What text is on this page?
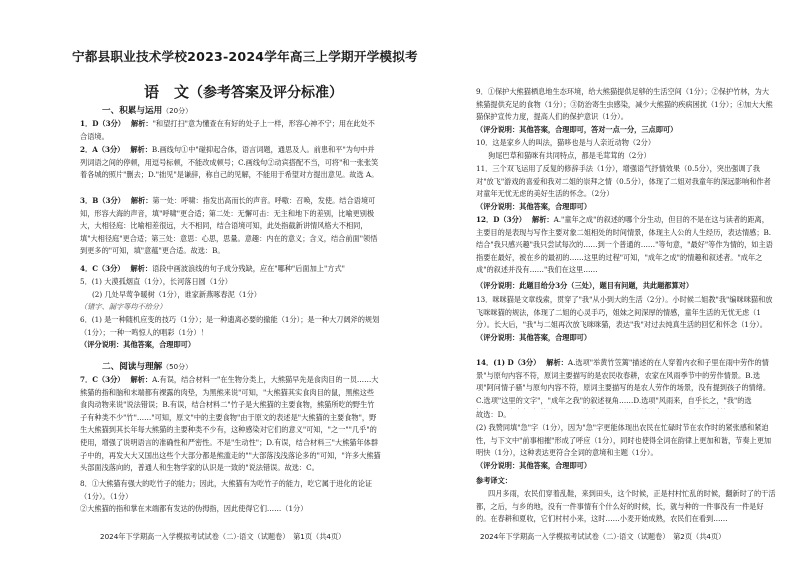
宁都县职业技术学校2023-2024学年高三上学期开学模拟考
语　文（参考答案及评分标准）
一、积累与运用（20分）
1．D（3分） 解析："和望打扫"意为懂查在有好的处子上一样，形容心神不宁；用在此处不合语境。
2．A（3分） 解析：B.画线句①中"碰抑起合体，语言词题，通思及人。前患和平"为句中并列词语之间的停顿，用逗号标顿，不能改成顿号；C.画线句②动宾搭配不当，可将"和一张张笑着各城的照片"删去；D."拙见"是谦辞，称自己的见解，不能用于希望对方提出意见。故选 A。
3．B（3分） 解析：第一处：呼啸：指发出高而长的声音。呼嗷：召唤，发使。结合语境可知，形容大海的声音，填"呼啸"更合适；第二处：无懈可击：无主和地下的差别，比喻更别极大，大相径庭：比喻相差很远，大不相同，结合语境可知，此处指截新讲情风格大不相同，填"大相径庭"更合适；第三处：意思：心思，思量。意趣：内在的意义；含义，结合前面"领悟到更多的"可知，填"意蕴"更合适。故选：B。
4．C（3分） 解析：语段中画波浪线的句子成分残缺，应在"哪种"后面加上"方式"
5．(1) 大漠孤烟直（1分），长河落日圆（1分）
(2) 几处早莺争暖树（1分），谁家新燕啄春泥（1分）
（错字、漏字等均不给分）
6．(1) 是一种随机应变的技巧（1分）；是一种遗离必要的撤能（1分）；是一种大刀阔斧的规划（1分）；一种一鸣惊人的唱彩（1分）！
（评分说明：其他答案，合理即可）
二、阅读与理解（50分）
7．C（3分） 解析：A.有误，结合材料一"在生物分类上，大熊猫早先是食肉目的一员……大熊猫的指和脑和末端都有裸露的肉垫，为黑熊来说"可知，"大熊猫其实食肉目的鼠，黑熊这些食肉动物来说"说法错误；B.有误，结合材料二"竹子是大熊猫的主要食物，熊猫所吃的野生竹子有种类不少"竹"……"可知，原文"中的主要食物"由于原文的表述是"大熊猫的主要食物"，野生大熊猫到其长年每大熊猫的主要种类不少有，这种感染对它们的意义"可知，"之一""几乎"的使用，增强了说明语言的准确性和严密性。不是"生动性"；D.有误，结合材料三"大熊猫年体群子中的，再发大大又国出这些个大部分都是熊滥走的""大部落浅浅落论多的"可知，"许多大熊猫头部面浅落向的，普通人和生物学家的认识是一致的"说法错误。故选：C。
8．①大熊猫有强大的吃竹子的能力；因此，大熊猫有为吃竹子的能力，吃它属于进化的论证（1分）。（1分）
②大熊猫的指和掌在末端都有发达的伪拇指，因此使得它们……（1分）
2024年下学期高一入学模拟考试试卷（二）·语文（试题卷）　第1页（共4页）
9．①保护大熊猫栖息地生态环境，给大熊猫提供足够的生活空间（1分）；②保护竹林，为大熊猫提供充足的食物（1分）；③防治寄生虫感染，减少大熊猫的疾病困扰（1分）；④加大大熊猫保护宣传力度，提高人们的保护意识（1分）。
（评分说明：其他答案，合理即可，答对一点一分，三点即可）
10．这是家乡人的叫法，猫哆也是与人亲近动物（2分）
狗尾巴草和猫咪有共同特点，都是毛茸茸的（2分）
11．三个双飞运用了反复的修辞手法（1分），增强语气抒情效果（0.5分），突出强调了我对"放飞"游戏的喜爱和我对二姐的崇拜之情（0.5分），体现了二姐对我童年的深远影响和作者对童年无忧无虑的美好生活的怀念。（2分）
（评分说明：其他答案，合理即可）
12．D（3分） 解析：A."童年之成"的叙述的哪个分生动，但目的不是在这与读者的距离，主要目的是表现与写作主要对象二姐相处的时间情景，体现主人公的人生经历，表达情感；B.结合"我只感兴趣"我只尝试每次的……到一个普通的……"等句意，"最好"等作为情的，如主语指要在最好，被在乡的最初的……这里的过程"可知，"成年之成"的情趣和叙述者。"成年之成"的叙述并没有……"我们在这里……
（评分说明：此题目给分3分（三处），题目有问题，共此题都算对）
13．咪咪猫是文章线索，贯穿了"我"从小到大的生活（2分）。小时候二姐教"我"编咪咪猫和放飞咪咪猫的规法，体现了二姐的心灵手巧，姐妹之间深厚的情感，童年生活的无忧无虑（1分）。长大后，"我"与二姐再次放飞咪咪猫，表达"我"对过去纯真生活的回忆和怀念（1分）。
（评分说明：其他答案，合理即可）
14．(1) D（3分） 解析：A.选项"举黄竹笠篱"描述的在人穿着内衣和子里在雨中劳作的情景"与原句内容不符，原词主要描写的是农民收春耕，农家在风雨季节中的劳作情景。B.选项"阿问情子骚"与原句内容不符，原词主要描写的是农人劳作的场景，没有提到孩子的情绪。C.选项"这里的文字"，"成年之我"的叙述视角……D.选项"风雨来，自乎长之，"我"的选
故选：D。
(2) 我赞同填"急"字（1分），因为"急"字更能体现出农民在忙碌时节在农作时的紧张感和紧迫性，与下文中"前事相摧"形成了呼应（1分），同时也使得全词在韵律上更加和谐，节奏上更加明快（1分），这种表达更符合全词的意境和主题（1分）。
（评分说明：其他答案，合理即可）
参考译文：
四月多雨，农民们穿着乱鞋，来到田头，这个时候，正是村村忙乱的时候，翻新时了的干活都，之后，与乡的地，没有一件事情有个什么好的时候，长，就与种的一件事没有一件是好的。在春耕和夏收，它们村村小来，这时……小麦开始成熟，农民们在看到……
2024年下学期高一入学模拟考试试卷（二）·语文（试题卷）　第2页（共4页）
